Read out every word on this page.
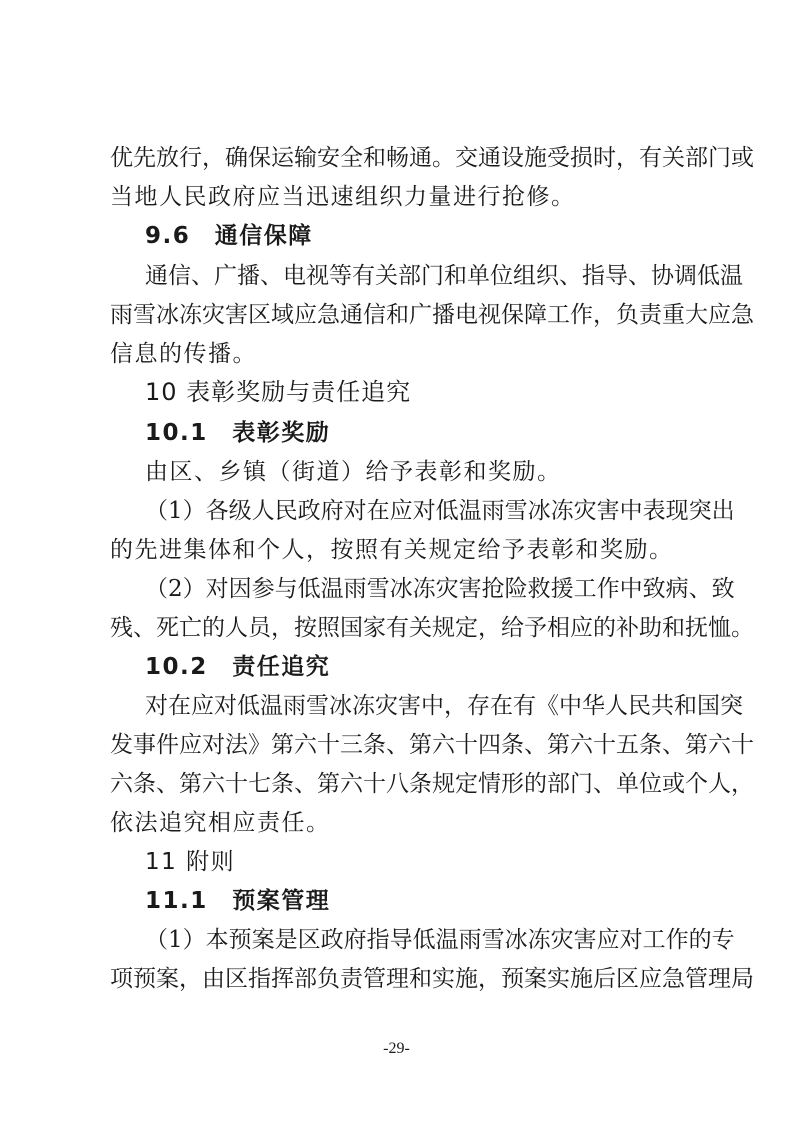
优先放行，确保运输安全和畅通。交通设施受损时，有关部门或
当地人民政府应当迅速组织力量进行抢修。
9.6　通信保障
通信、广播、电视等有关部门和单位组织、指导、协调低温
雨雪冰冻灾害区域应急通信和广播电视保障工作，负责重大应急
信息的传播。
10 表彰奖励与责任追究
10.1　表彰奖励
由区、乡镇（街道）给予表彰和奖励。
（1）各级人民政府对在应对低温雨雪冰冻灾害中表现突出
的先进集体和个人，按照有关规定给予表彰和奖励。
（2）对因参与低温雨雪冰冻灾害抢险救援工作中致病、致
残、死亡的人员，按照国家有关规定，给予相应的补助和抚恤。
10.2　责任追究
对在应对低温雨雪冰冻灾害中，存在有《中华人民共和国突
发事件应对法》第六十三条、第六十四条、第六十五条、第六十
六条、第六十七条、第六十八条规定情形的部门、单位或个人，
依法追究相应责任。
11 附则
11.1　预案管理
（1）本预案是区政府指导低温雨雪冰冻灾害应对工作的专
项预案，由区指挥部负责管理和实施，预案实施后区应急管理局
-29-
